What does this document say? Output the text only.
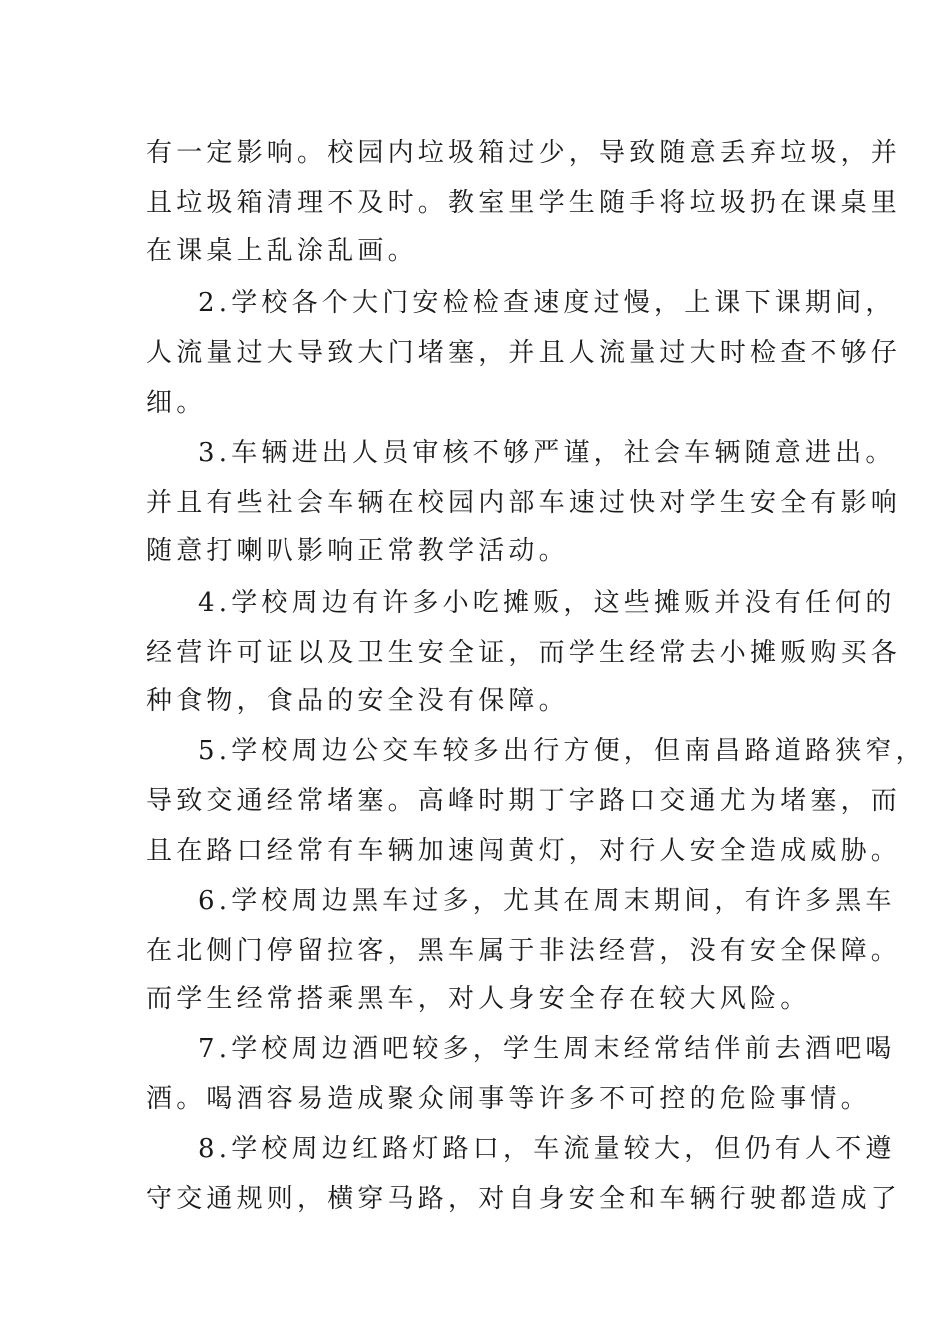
有一定影响。校园内垃圾箱过少，导致随意丢弃垃圾，并
且垃圾箱清理不及时。教室里学生随手将垃圾扔在课桌里
在课桌上乱涂乱画。
2.学校各个大门安检检查速度过慢，上课下课期间，
人流量过大导致大门堵塞，并且人流量过大时检查不够仔
细。
3.车辆进出人员审核不够严谨，社会车辆随意进出。
并且有些社会车辆在校园内部车速过快对学生安全有影响
随意打喇叭影响正常教学活动。
4.学校周边有许多小吃摊贩，这些摊贩并没有任何的
经营许可证以及卫生安全证，而学生经常去小摊贩购买各
种食物，食品的安全没有保障。
5.学校周边公交车较多出行方便，但南昌路道路狭窄，
导致交通经常堵塞。高峰时期丁字路口交通尤为堵塞，而
且在路口经常有车辆加速闯黄灯，对行人安全造成威胁。
6.学校周边黑车过多，尤其在周末期间，有许多黑车
在北侧门停留拉客，黑车属于非法经营，没有安全保障。
而学生经常搭乘黑车，对人身安全存在较大风险。
7.学校周边酒吧较多，学生周末经常结伴前去酒吧喝
酒。喝酒容易造成聚众闹事等许多不可控的危险事情。
8.学校周边红路灯路口，车流量较大，但仍有人不遵
守交通规则，横穿马路，对自身安全和车辆行驶都造成了
